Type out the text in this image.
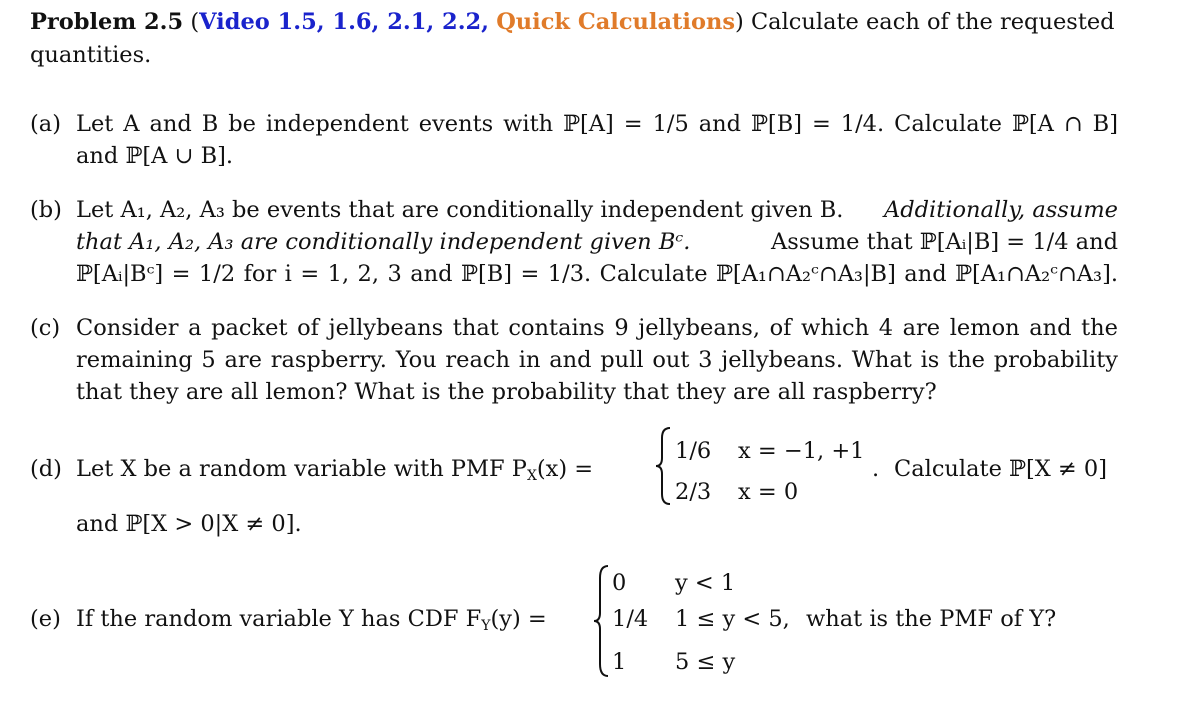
Problem 2.5 (Video 1.5, 1.6, 2.1, 2.2, Quick Calculations) Calculate each of the requested
quantities.
(a) Let A and B be independent events with ℙ[A] = 1/5 and ℙ[B] = 1/4. Calculate ℙ[A ∩ B]
and ℙ[A ∪ B].
(b) Let A₁, A₂, A₃ be events that are conditionally independent given B. Additionally, assume
that A₁, A₂, A₃ are conditionally independent given Bᶜ.	Assume that ℙ[Aᵢ|B] = 1/4 and
ℙ[Aᵢ|Bᶜ] = 1/2 for i = 1, 2, 3 and ℙ[B] = 1/3. Calculate ℙ[A₁∩A₂ᶜ∩A₃|B] and ℙ[A₁∩A₂ᶜ∩A₃].
(c) Consider a packet of jellybeans that contains 9 jellybeans, of which 4 are lemon and the
remaining 5 are raspberry. You reach in and pull out 3 jellybeans. What is the probability
that they are all lemon? What is the probability that they are all raspberry?
(d) Let X be a random variable with PMF $P_X(x)$ =
1/6 x = −1, +1
2/3 x = 0
. Calculate ℙ[X ≠ 0]
and ℙ[X > 0|X ≠ 0].
(e) If the random variable Y has CDF $F_Y(y)$ =
0 y < 1
1/4 1 ≤ y < 5,
1 5 ≤ y
what is the PMF of Y?
